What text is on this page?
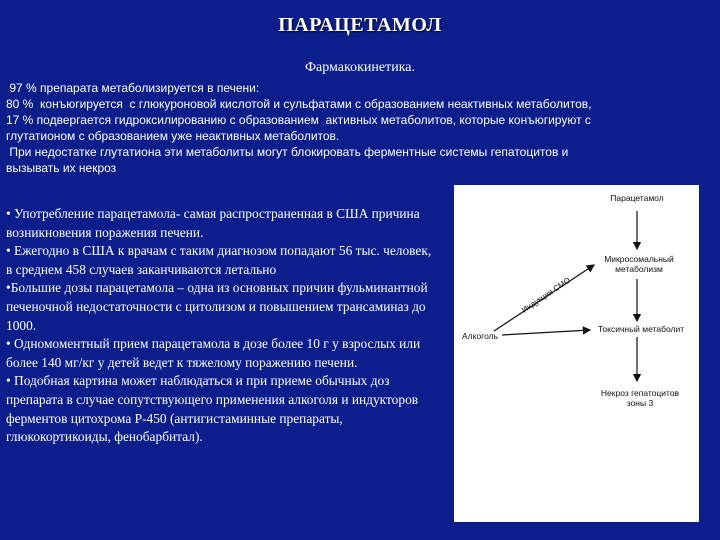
ПАРАЦЕТАМОЛ
Фармакокинетика.

97 % препарата метаболизируется в печени:

80 %  конъюгируется  с глюкуроновой кислотой и сульфатами с образованием неактивных метаболитов,

17 % подвергается гидроксилированию с образованием  активных метаболитов, которые конъюгируют с

глутатионом с образованием уже неактивных метаболитов.

При недостатке глутатиона эти метаболиты могут блокировать ферментные системы гепатоцитов и

вызывать их некроз

• Употребление парацетамола- самая распространенная в США причина возникновения поражения печени.

• Ежегодно в США к врачам с таким диагнозом попадают 56 тыс. человек, в среднем 458 случаев заканчиваются летально

•Большие дозы парацетамола – одна из основных причин фульминантной печеночной недостаточности с цитолизом и повышением трансаминаз до 1000.

• Одномоментный прием парацетамола в дозе более 10 г у взрослых или более 140 мг/кг у детей ведет к тяжелому поражению печени.

• Подобная картина может наблюдаться и при приеме обычных доз препарата в случае сопутствующего применения алкоголя и индукторов ферментов цитохрома Р-450 (антигистаминные препараты, глюкокортикоиды, фенобарбитал).

Индукция СМО
Парацетамол
Микросомальный
метаболизм
Токсичный метаболит
Алкоголь
Некроз гепатоцитов
зоны 3
